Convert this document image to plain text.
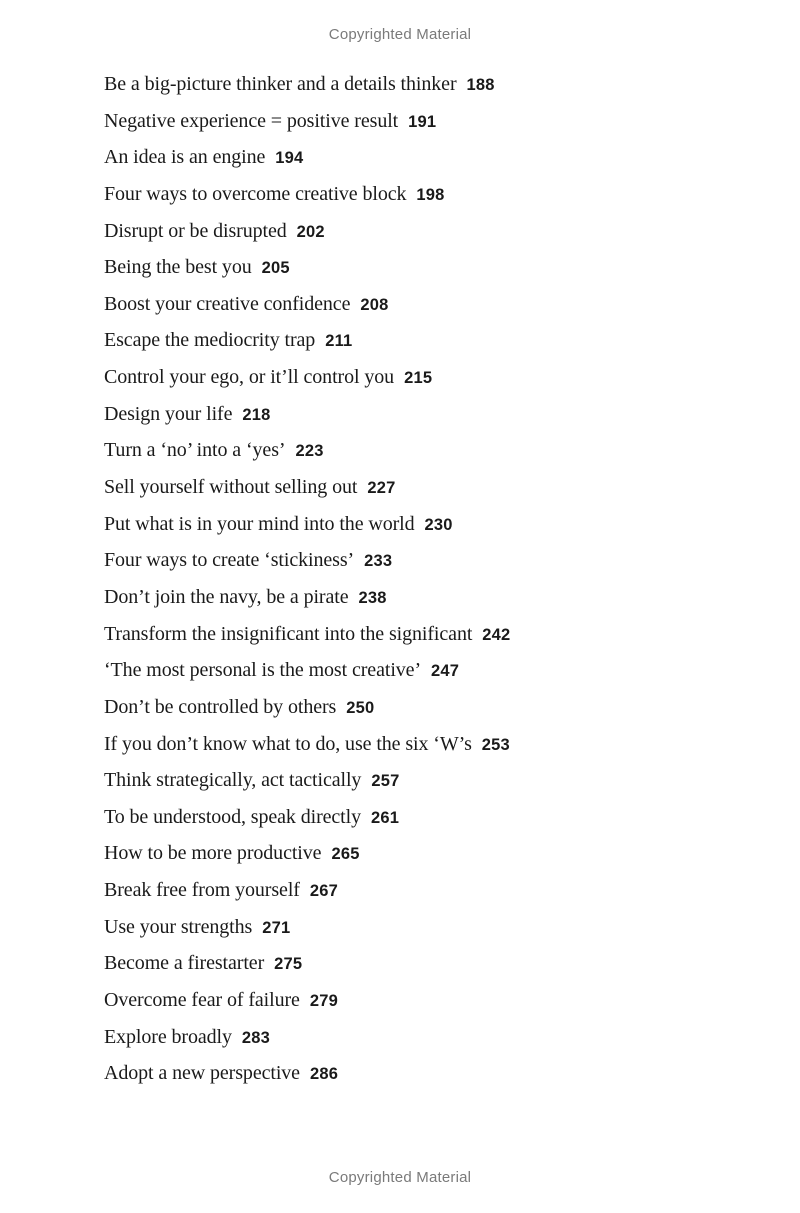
Copyrighted Material
Be a big-picture thinker and a details thinker 188
Negative experience = positive result 191
An idea is an engine 194
Four ways to overcome creative block 198
Disrupt or be disrupted 202
Being the best you 205
Boost your creative confidence 208
Escape the mediocrity trap 211
Control your ego, or it’ll control you 215
Design your life 218
Turn a ‘no’ into a ‘yes’ 223
Sell yourself without selling out 227
Put what is in your mind into the world 230
Four ways to create ‘stickiness’ 233
Don’t join the navy, be a pirate 238
Transform the insignificant into the significant 242
‘The most personal is the most creative’ 247
Don’t be controlled by others 250
If you don’t know what to do, use the six ‘W’s 253
Think strategically, act tactically 257
To be understood, speak directly 261
How to be more productive 265
Break free from yourself 267
Use your strengths 271
Become a firestarter 275
Overcome fear of failure 279
Explore broadly 283
Adopt a new perspective 286
Copyrighted Material
